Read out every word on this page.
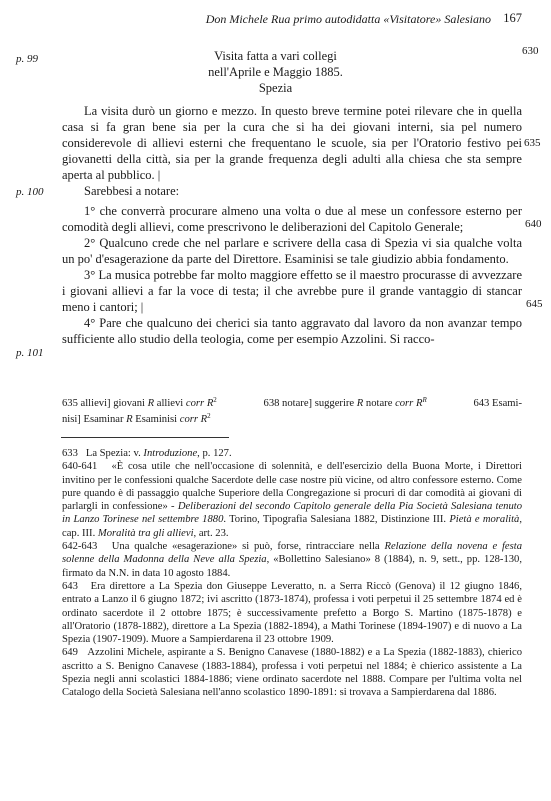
Don Michele Rua primo autodidatta «Visitatore» Salesiano 167
p. 99
p. 100
p. 101
630
635
640
645
Visita fatta a vari collegi
nell'Aprile e Maggio 1885.
Spezia

La visita durò un giorno e mezzo. In questo breve termine potei rilevare che in quella casa si fa gran bene sia per la cura che si ha dei giovani interni, sia pel numero considerevole di allievi esterni che frequentano le scuole, sia per l'Oratorio festivo pei giovanetti della città, sia per la grande frequenza degli adulti alla chiesa che sta sempre aperta al pubblico. |

Sarebbesi a notare:

1° che converrà procurare almeno una volta o due al mese un confessore esterno per comodità degli allievi, come prescrivono le deliberazioni del Capitolo Generale;

2° Qualcuno crede che nel parlare e scrivere della casa di Spezia vi sia qualche volta un po' d'esagerazione da parte del Direttore. Esaminisi se tale giudizio abbia fondamento.

3° La musica potrebbe far molto maggiore effetto se il maestro procurasse di avvezzare i giovani allievi a far la voce di testa; il che avrebbe pure il grande vantaggio di stancar meno i cantori; |

4° Pare che qualcuno dei cherici sia tanto aggravato dal lavoro da non avanzar tempo sufficiente allo studio della teologia, come per esempio Azzolini. Si racco-

635 allievi] giovani R allievi corr $R^2$	638 notare] suggerire R notare corr $R^R$	643 Esami-
nisi] Esaminar R Esaminisi corr $R^2$

633 La Spezia: v. Introduzione, p. 127.

640-641 «È cosa utile che nell'occasione di solennità, e dell'esercizio della Buona Morte, i Direttori invitino per le confessioni qualche Sacerdote delle case nostre più vicine, od altro confessore esterno. Come pure quando è di passaggio qualche Superiore della Congregazione si procuri di dar comodità ai giovani di parlargli in confessione» - Deliberazioni del secondo Capitolo generale della Pia Società Salesiana tenuto in Lanzo Torinese nel settembre 1880. Torino, Tipografia Salesiana 1882, Distinzione III. Pietà e moralità, cap. III. Moralità tra gli allievi, art. 23.

642-643 Una qualche «esagerazione» si può, forse, rintracciare nella Relazione della novena e festa solenne della Madonna della Neve alla Spezia, «Bollettino Salesiano» 8 (1884), n. 9, sett., pp. 128-130, firmato da N.N. in data 10 agosto 1884.

643 Era direttore a La Spezia don Giuseppe Leveratto, n. a Serra Riccò (Genova) il 12 giugno 1846, entrato a Lanzo il 6 giugno 1872; ivi ascritto (1873-1874), professa i voti perpetui il 25 settembre 1874 ed è ordinato sacerdote il 2 ottobre 1875; è successivamente prefetto a Borgo S. Martino (1875-1878) e all'Oratorio (1878-1882), direttore a La Spezia (1882-1894), a Mathi Torinese (1894-1907) e di nuovo a La Spezia (1907-1909). Muore a Sampierdarena il 23 ottobre 1909.

649 Azzolini Michele, aspirante a S. Benigno Canavese (1880-1882) e a La Spezia (1882-1883), chierico ascritto a S. Benigno Canavese (1883-1884), professa i voti perpetui nel 1884; è chierico assistente a La Spezia negli anni scolastici 1884-1886; viene ordinato sacerdote nel 1888. Compare per l'ultima volta nel Catalogo della Società Salesiana nell'anno scolastico 1890-1891: si trovava a Sampierdarena dal 1886.
